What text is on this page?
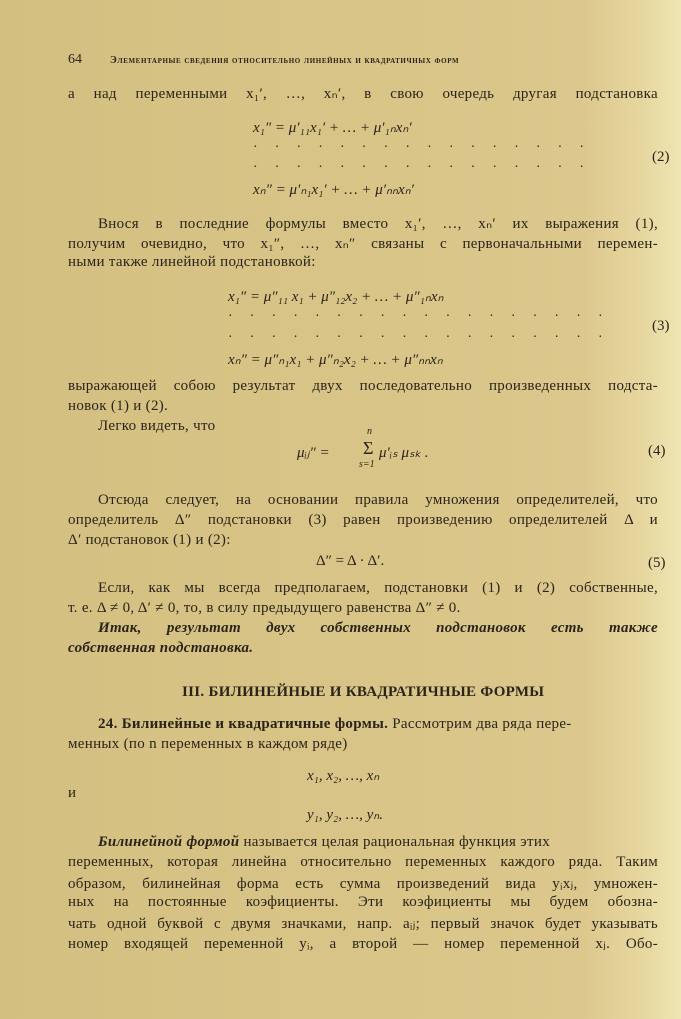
64	Элементарные сведения относительно линейных и квадратичных форм
а над переменными x₁′, …, xₙ′, в свою очередь другая подстановка
x₁″ = μ′₁₁x₁′ + … + μ′₁ₙxₙ′
· · · · · · · · · · · · · · · ·
· · · · · · · · · · · · · · · ·
xₙ″ = μ′ₙ₁x₁′ + … + μ′ₙₙxₙ′
(2)
Внося в последние формулы вместо x₁′, …, xₙ′ их выражения (1),
получим очевидно, что x₁″, …, xₙ″ связаны с первоначальными перемен-
ными также линейной подстановкой:
x₁″ = μ″₁₁ x₁ + μ″₁₂x₂ + … + μ″₁ₙxₙ
· · · · · · · · · · · · · · · · · ·
· · · · · · · · · · · · · · · · · ·
xₙ″ = μ″ₙ₁x₁ + μ″ₙ₂x₂ + … + μ″ₙₙxₙ
(3)
выражающей собою результат двух последовательно произведенных подста-
новок (1) и (2).
Легко видеть, что
μᵢⱼ″ =
n
Σ
s=1
μ′ᵢₛ μₛₖ .	(4)
Отсюда следует, на основании правила умножения определителей, что
определитель Δ″ подстановки (3) равен произведению определителей Δ и
Δ′ подстановок (1) и (2):
Δ″ = Δ · Δ′.	(5)
Если, как мы всегда предполагаем, подстановки (1) и (2) собственные,
т. е. Δ ≠ 0, Δ′ ≠ 0, то, в силу предыдущего равенства Δ″ ≠ 0.
Итак, результат двух собственных подстановок есть также
собственная подстановка.
III. БИЛИНЕЙНЫЕ И КВАДРАТИЧНЫЕ ФОРМЫ
24. Билинейные и квадратичные формы. Рассмотрим два ряда пере-
менных (по n переменных в каждом ряде)
x₁, x₂, …, xₙ
и
y₁, y₂, …, yₙ.
Билинейной формой называется целая рациональная функция этих
переменных, которая линейна относительно переменных каждого ряда. Таким
образом, билинейная форма есть сумма произведений вида yᵢxⱼ, умножен-
ных на постоянные коэфициенты. Эти коэфициенты мы будем обозна-
чать одной буквой с двумя значками, напр. aᵢⱼ; первый значок будет указывать
номер входящей переменной yᵢ, а второй — номер переменной xⱼ. Обо-
